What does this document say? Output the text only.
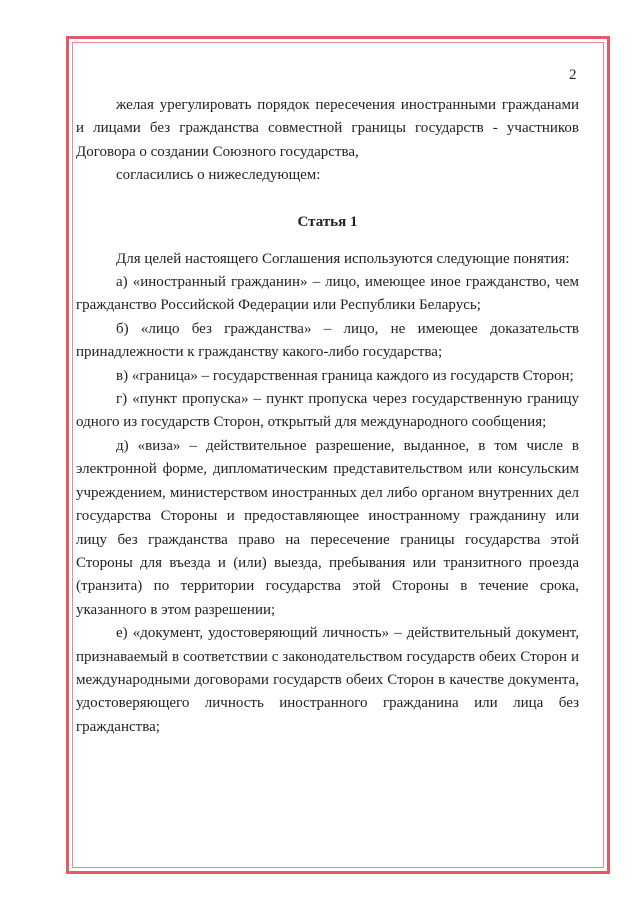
2

желая урегулировать порядок пересечения иностранными гражданами и лицами без гражданства совместной границы государств - участников Договора о создании Союзного государства,

согласились о нижеследующем:

Статья 1

Для целей настоящего Соглашения используются следующие понятия:

а) «иностранный гражданин» – лицо, имеющее иное гражданство, чем гражданство Российской Федерации или Республики Беларусь;

б) «лицо без гражданства» – лицо, не имеющее доказательств принадлежности к гражданству какого-либо государства;

в) «граница» – государственная граница каждого из государств Сторон;

г) «пункт пропуска» – пункт пропуска через государственную границу одного из государств Сторон, открытый для международного сообщения;

д) «виза» – действительное разрешение, выданное, в том числе в электронной форме, дипломатическим представительством или консульским учреждением, министерством иностранных дел либо органом внутренних дел государства Стороны и предоставляющее иностранному гражданину или лицу без гражданства право на пересечение границы государства этой Стороны для въезда и (или) выезда, пребывания или транзитного проезда (транзита) по территории государства этой Стороны в течение срока, указанного в этом разрешении;

е) «документ, удостоверяющий личность» – действительный документ, признаваемый в соответствии с законодательством государств обеих Сторон и международными договорами государств обеих Сторон в качестве документа, удостоверяющего личность иностранного гражданина или лица без гражданства;
